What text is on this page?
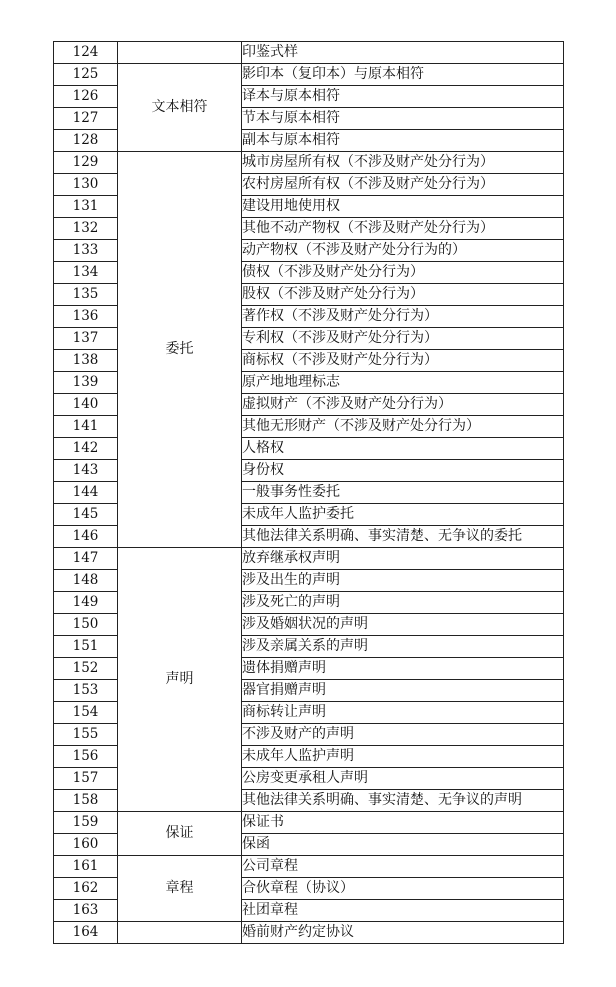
124		印鉴式样
125	文本相符	影印本（复印本）与原本相符
126		译本与原本相符
127		节本与原本相符
128		副本与原本相符
129	委托	城市房屋所有权（不涉及财产处分行为）
130		农村房屋所有权（不涉及财产处分行为）
131		建设用地使用权
132		其他不动产物权（不涉及财产处分行为）
133		动产物权（不涉及财产处分行为的）
134		债权（不涉及财产处分行为）
135		股权（不涉及财产处分行为）
136		著作权（不涉及财产处分行为）
137		专利权（不涉及财产处分行为）
138		商标权（不涉及财产处分行为）
139		原产地地理标志
140		虚拟财产（不涉及财产处分行为）
141		其他无形财产（不涉及财产处分行为）
142		人格权
143		身份权
144		一般事务性委托
145		未成年人监护委托
146		其他法律关系明确、事实清楚、无争议的委托
147	声明	放弃继承权声明
148		涉及出生的声明
149		涉及死亡的声明
150		涉及婚姻状况的声明
151		涉及亲属关系的声明
152		遗体捐赠声明
153		器官捐赠声明
154		商标转让声明
155		不涉及财产的声明
156		未成年人监护声明
157		公房变更承租人声明
158		其他法律关系明确、事实清楚、无争议的声明
159	保证	保证书
160		保函
161	章程	公司章程
162		合伙章程（协议）
163		社团章程
164		婚前财产约定协议
